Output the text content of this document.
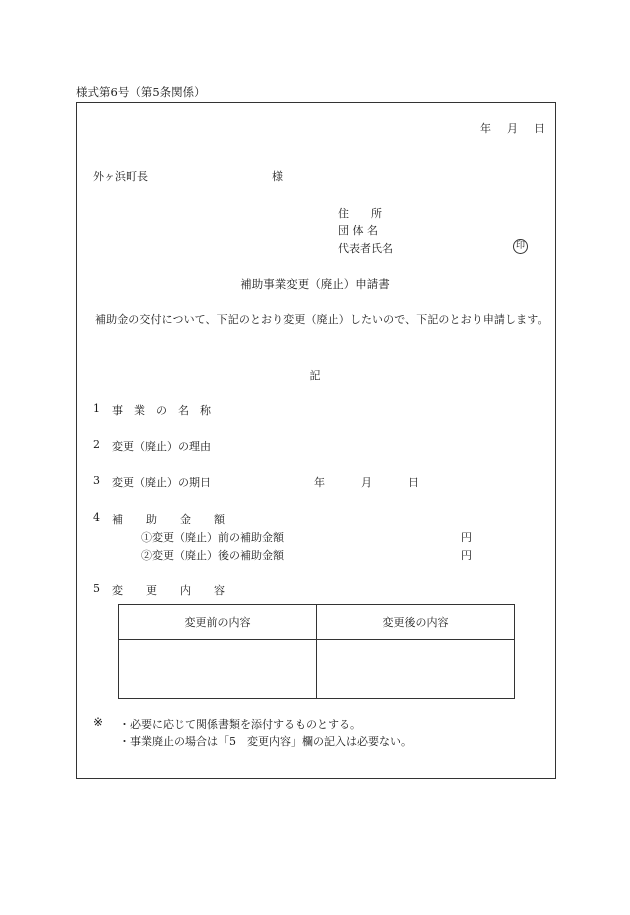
様式第6号（第5条関係）
年 月 日
外ヶ浜町長	様
住　　所
団 体 名
代表者氏名	印
補助事業変更（廃止）申請書
補助金の交付について、下記のとおり変更（廃止）したいので、下記のとおり申請します。
記
1 事 業 の 名 称
2 変更（廃止）の理由
3 変更（廃止）の期日	年	月	日
4 補 助 金 額
①変更（廃止）前の補助金額	円
②変更（廃止）後の補助金額	円
5 変 更 内 容
変更前の内容	変更後の内容

※ ・必要に応じて関係書類を添付するものとする。
・事業廃止の場合は「5　変更内容」欄の記入は必要ない。
